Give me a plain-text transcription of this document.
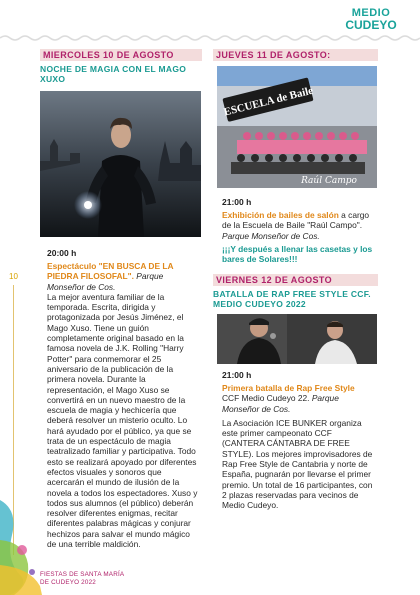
MEDIO
CUDEYO
10
MIERCOLES 10 DE AGOSTO
NOCHE DE MAGIA CON EL MAGO
XUXO
20:00 h
Espectáculo "EN BUSCA DE LA PIEDRA FILOSOFAL". Parque Monseñor de Cos.
La mejor aventura familiar de la temporada. Escrita, dirigida y protagonizada por Jesús Jiménez, el Mago Xuso. Tiene un guión completamente original basado en la famosa novela de J.K. Rolling "Harry Potter" para conmemorar el 25 aniversario de la publicación de la primera novela. Durante la representación, el Mago Xuso se convertirá en un nuevo maestro de la escuela de magia y hechicería que deberá resolver un misterio oculto. Lo hará ayudado por el público, ya que se trata de un espectáculo de magia teatralizado familiar y participativa. Todo esto se realizará apoyado por diferentes efectos visuales y sonoros que acercarán el mundo de ilusión de la novela a todos los espectadores. Xuso y todos sus alumnos (el público) deberán resolver diferentes enigmas, recitar diferentes palabras mágicas y conjurar hechizos para salvar el mundo mágico de una terrible maldición.
JUEVES 11 DE AGOSTO:
ESCUELA de Baile
Raúl Campo
21:00 h
Exhibición de bailes de salón a cargo de la Escuela de Baile "Raúl Campo". Parque Monseñor de Cos.
¡¡¡Y después a llenar las casetas y los bares de Solares!!!
VIERNES 12 DE AGOSTO
BATALLA DE RAP FREE STYLE CCF.
MEDIO CUDEYO 2022
21:00 h
Primera batalla de Rap Free Style CCF Medio Cudeyo 22. Parque Monseñor de Cos.
La Asociación ICE BUNKER organiza este primer campeonato CCF (CANTERA CÁNTABRA DE FREE STYLE). Los mejores improvisadores de Rap Free Style de Cantabria y norte de España, pugnarán por llevarse el primer premio. Un total de 16 participantes, con 2 plazas reservadas para vecinos de Medio Cudeyo.
FIESTAS DE SANTA MARÍA
DE CUDEYO 2022
